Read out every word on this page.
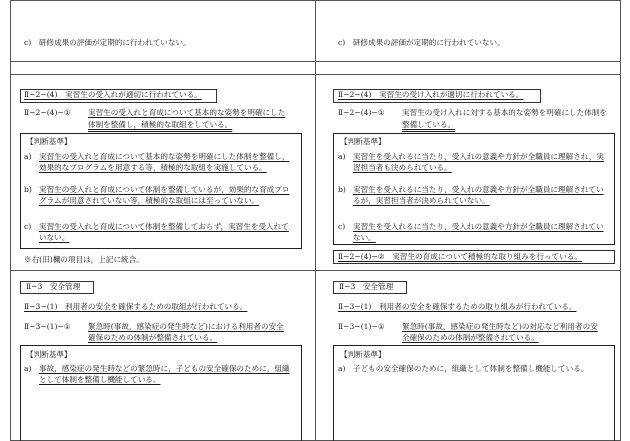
c)　研修成果の評価が定期的に行われていない。
Ⅱ−2−(4)　実習生の受入れが適切に行われている。
Ⅱ−2−(4)−① 実習生の受入れと育成について基本的な姿勢を明確にした
体制を整備し，積極的な取組をしている。
【判断基準】
a) 実習生の受入れと育成について基本的な姿勢を明確にした体制を整備し，効果的なプログラムを用意する等，積極的な取組を実施している。
b) 実習生の受入れと育成について体制を整備しているが，効果的な育成プログラムが用意されていない等，積極的な取組には至っていない。
c) 実習生の受入れと育成について体制を整備しておらず，実習生を受入れていない。
※右(旧)欄の項目は，上記に統合。
Ⅱ−3　安全管理
Ⅱ−3−(1)　利用者の安全を確保するための取組が行われている。
Ⅱ−3−(1)−① 緊急時(事故，感染症の発生時など)における利用者の安全
確保のための体制が整備されている。
【判断基準】
a) 事故，感染症の発生時などの緊急時に，子どもの安全確保のために，組織として体制を整備し機能している。
c)　研修成果の評価が定期的に行われていない。
Ⅱ−2−(4)　実習生の受け入れが適切に行われている。
Ⅱ−2−(4)−① 実習生の受け入れに対する基本的な姿勢を明確にした体制を
整備している。
【判断基準】
a) 実習生を受入れるに当たり，受入れの意義や方針が全職員に理解され，実習担当者も決められている。
b) 実習生を受入れるに当たり，受入れの意義や方針が全職員に理解されているが，実習担当者が決められていない。
c) 実習生を受入れるに当たり，受入れの意義や方針が全職員に理解されていない。
Ⅱ−2−(4)−②　実習生の育成について積極的な取り組みを行っている。
Ⅱ−3　安全管理
Ⅱ−3−(1)　利用者の安全を確保するための取り組みが行われている。
Ⅱ−3−(1)−① 緊急時(事故，感染症の発生時など)の対応など利用者の安
全確保のための体制が整備されている。
【判断基準】
a) 子どもの安全確保のために，組織として体制を整備し機能している。
